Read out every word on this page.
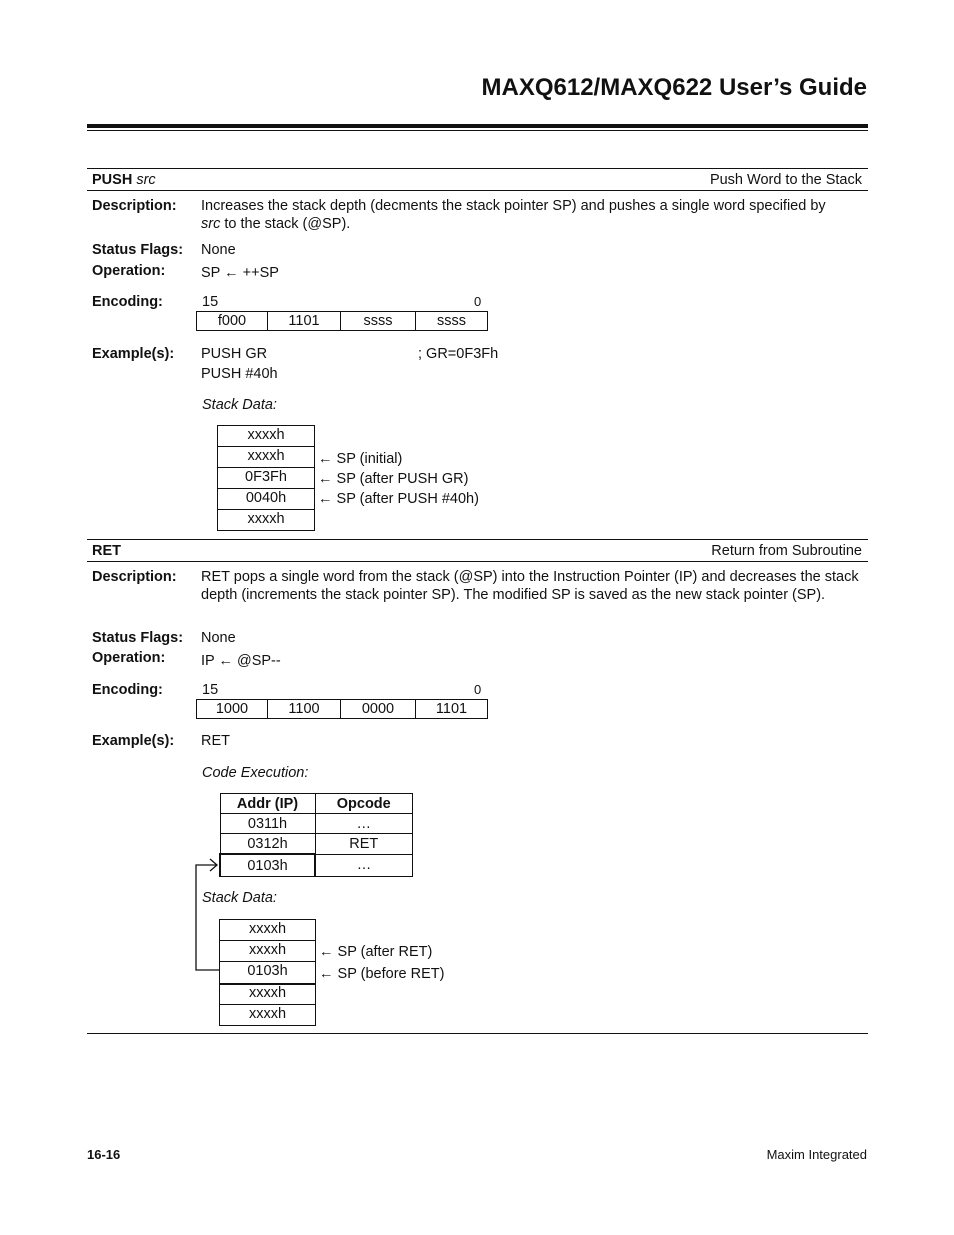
MAXQ612/MAXQ622 User’s Guide
PUSH src	Push Word to the Stack
Description: Increases the stack depth (decments the stack pointer SP) and pushes a single word specified by
src to the stack (@SP).
Status Flags: None
Operation: SP ← ++SP
Encoding:	15	0
f000	1101	ssss	ssss
Example(s): PUSH GR	; GR=0F3Fh
PUSH #40h
Stack Data:
xxxxh
xxxxh
0F3Fh
0040h
xxxxh
← SP (initial)
← SP (after PUSH GR)
← SP (after PUSH #40h)
RET	Return from Subroutine
Description: RET pops a single word from the stack (@SP) into the Instruction Pointer (IP) and decreases the stack
depth (increments the stack pointer SP). The modified SP is saved as the new stack pointer (SP).
Status Flags: None
Operation: IP ← @SP--
Encoding:	15	0
1000	1100	0000	1101
Example(s): RET
Code Execution:
Addr (IP)	Opcode
0311h	…
0312h	RET
0103h	…
Stack Data:
xxxxh
xxxxh
0103h
xxxxh
xxxxh
← SP (after RET)
← SP (before RET)
16-16	Maxim Integrated
